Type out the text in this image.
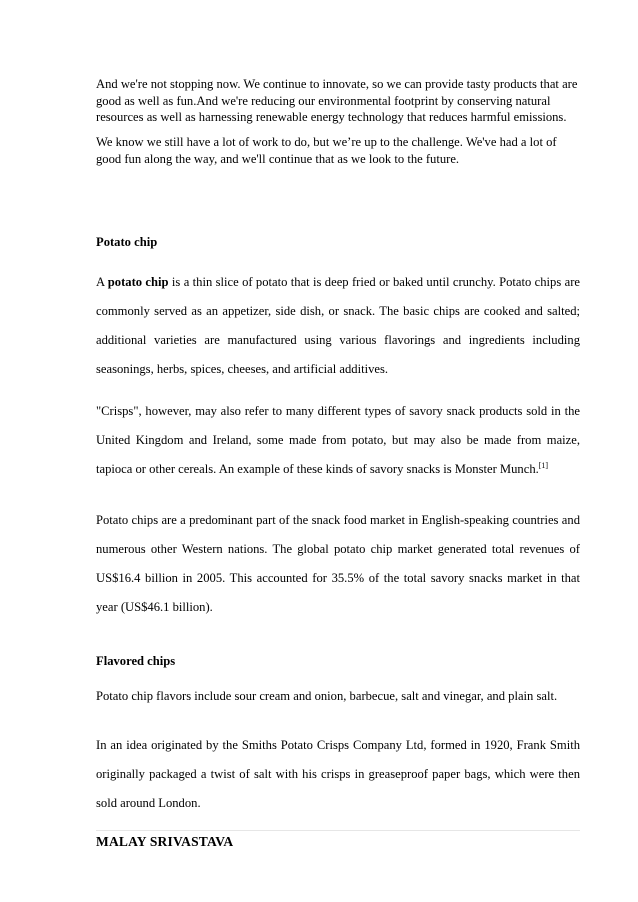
And we're not stopping now. We continue to innovate, so we can provide tasty products that are good as well as fun.And we're reducing our environmental footprint by conserving natural resources as well as harnessing renewable energy technology that reduces harmful emissions.

We know we still have a lot of work to do, but we’re up to the challenge. We've had a lot of good fun along the way, and we'll continue that as we look to the future.

Potato chip

A potato chip is a thin slice of potato that is deep fried or baked until crunchy. Potato chips are commonly served as an appetizer, side dish, or snack. The basic chips are cooked and salted; additional varieties are manufactured using various flavorings and ingredients including seasonings, herbs, spices, cheeses, and artificial additives.

"Crisps", however, may also refer to many different types of savory snack products sold in the United Kingdom and Ireland, some made from potato, but may also be made from maize, tapioca or other cereals. An example of these kinds of savory snacks is Monster Munch.[1]

Potato chips are a predominant part of the snack food market in English-speaking countries and numerous other Western nations. The global potato chip market generated total revenues of US$16.4 billion in 2005. This accounted for 35.5% of the total savory snacks market in that year (US$46.1 billion).

Flavored chips

Potato chip flavors include sour cream and onion, barbecue, salt and vinegar, and plain salt.

In an idea originated by the Smiths Potato Crisps Company Ltd, formed in 1920, Frank Smith originally packaged a twist of salt with his crisps in greaseproof paper bags, which were then sold around London.

MALAY SRIVASTAVA
